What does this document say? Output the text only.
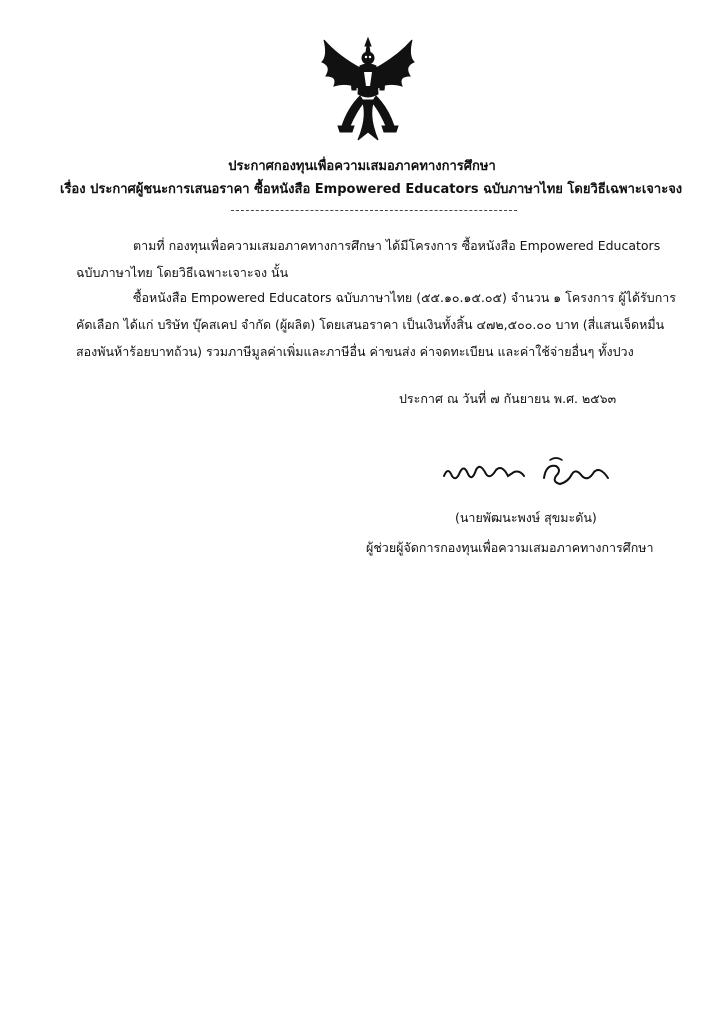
ประกาศกองทุนเพื่อความเสมอภาคทางการศึกษา
เรื่อง ประกาศผู้ชนะการเสนอราคา ซื้อหนังสือ Empowered Educators ฉบับภาษาไทย โดยวิธีเฉพาะเจาะจง

ตามที่ กองทุนเพื่อความเสมอภาคทางการศึกษา ได้มีโครงการ ซื้อหนังสือ Empowered Educators
ฉบับภาษาไทย โดยวิธีเฉพาะเจาะจง นั้น

ซื้อหนังสือ Empowered Educators ฉบับภาษาไทย (๕๕.๑๐.๑๕.๐๕) จำนวน ๑ โครงการ ผู้ได้รับการ
คัดเลือก ได้แก่ บริษัท บุ๊คสเคป จำกัด (ผู้ผลิต) โดยเสนอราคา เป็นเงินทั้งสิ้น ๔๗๒,๕๐๐.๐๐ บาท (สี่แสนเจ็ดหมื่น
สองพันห้าร้อยบาทถ้วน) รวมภาษีมูลค่าเพิ่มและภาษีอื่น ค่าขนส่ง ค่าจดทะเบียน และค่าใช้จ่ายอื่นๆ ทั้งปวง

ประกาศ ณ วันที่ ๗ กันยายน พ.ศ. ๒๕๖๓
(นายพัฒนะพงษ์ สุขมะดัน)
ผู้ช่วยผู้จัดการกองทุนเพื่อความเสมอภาคทางการศึกษา
